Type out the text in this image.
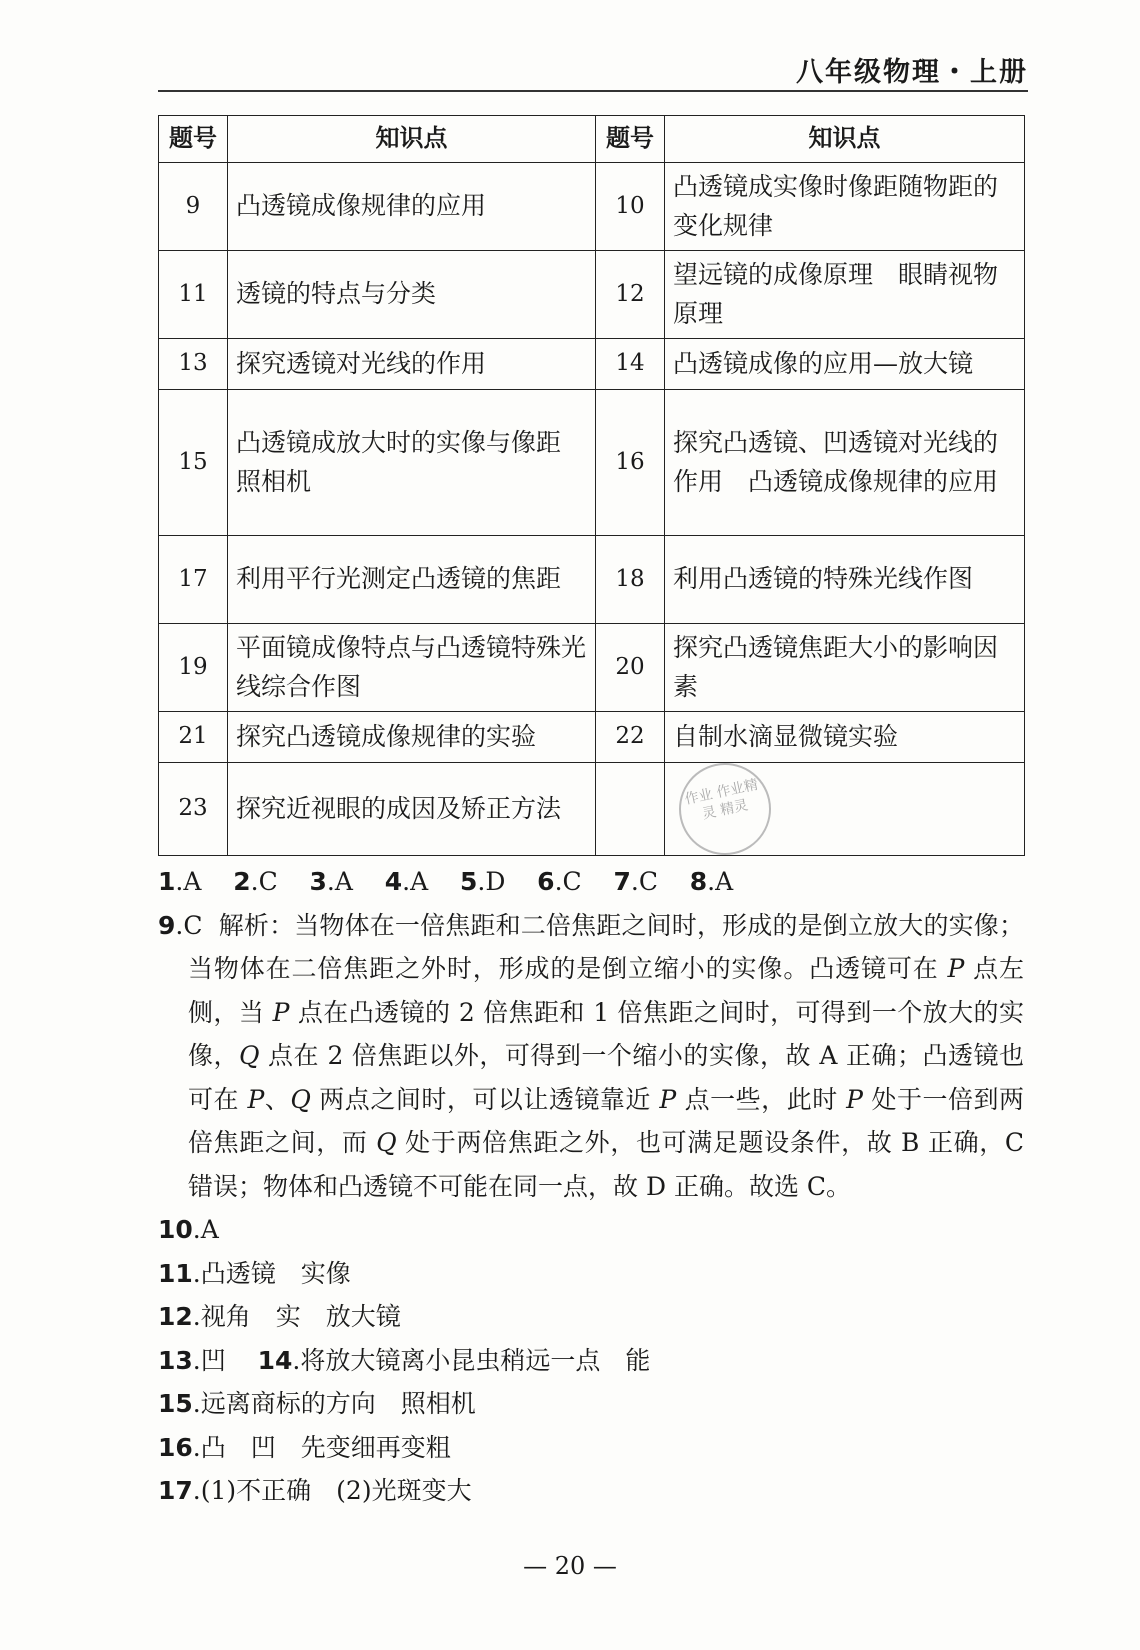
八年级物理・上册
题号	知识点	题号	知识点
9	凸透镜成像规律的应用	10	凸透镜成实像时像距随物距的变化规律
11	透镜的特点与分类	12	望远镜的成像原理　眼睛视物原理
13	探究透镜对光线的作用	14	凸透镜成像的应用—放大镜
15	凸透镜成放大时的实像与像距　照相机	16	探究凸透镜、凹透镜对光线的作用　凸透镜成像规律的应用
17	利用平行光测定凸透镜的焦距	18	利用凸透镜的特殊光线作图
19	平面镜成像特点与凸透镜特殊光线综合作图	20	探究凸透镜焦距大小的影响因素
21	探究凸透镜成像规律的实验	22	自制水滴显微镜实验
23	探究近视眼的成因及矫正方法		作业 作业精灵 精灵
1.A 2.C 3.A 4.A 5.D 6.C 7.C 8.A
9.C 解析：当物体在一倍焦距和二倍焦距之间时，形成的是倒立放大的实像；当物体在二倍焦距之外时，形成的是倒立缩小的实像。凸透镜可在 P 点左侧，当 P 点在凸透镜的 2 倍焦距和 1 倍焦距之间时，可得到一个放大的实像，Q 点在 2 倍焦距以外，可得到一个缩小的实像，故 A 正确；凸透镜也可在 P、Q 两点之间时，可以让透镜靠近 P 点一些，此时 P 处于一倍到两倍焦距之间，而 Q 处于两倍焦距之外，也可满足题设条件，故 B 正确，C 错误；物体和凸透镜不可能在同一点，故 D 正确。故选 C。
10.A
11.凸透镜　实像
12.视角　实　放大镜
13.凹 14.将放大镜离小昆虫稍远一点　能
15.远离商标的方向　照相机
16.凸　凹　先变细再变粗
17.(1)不正确　(2)光斑变大
— 20 —
